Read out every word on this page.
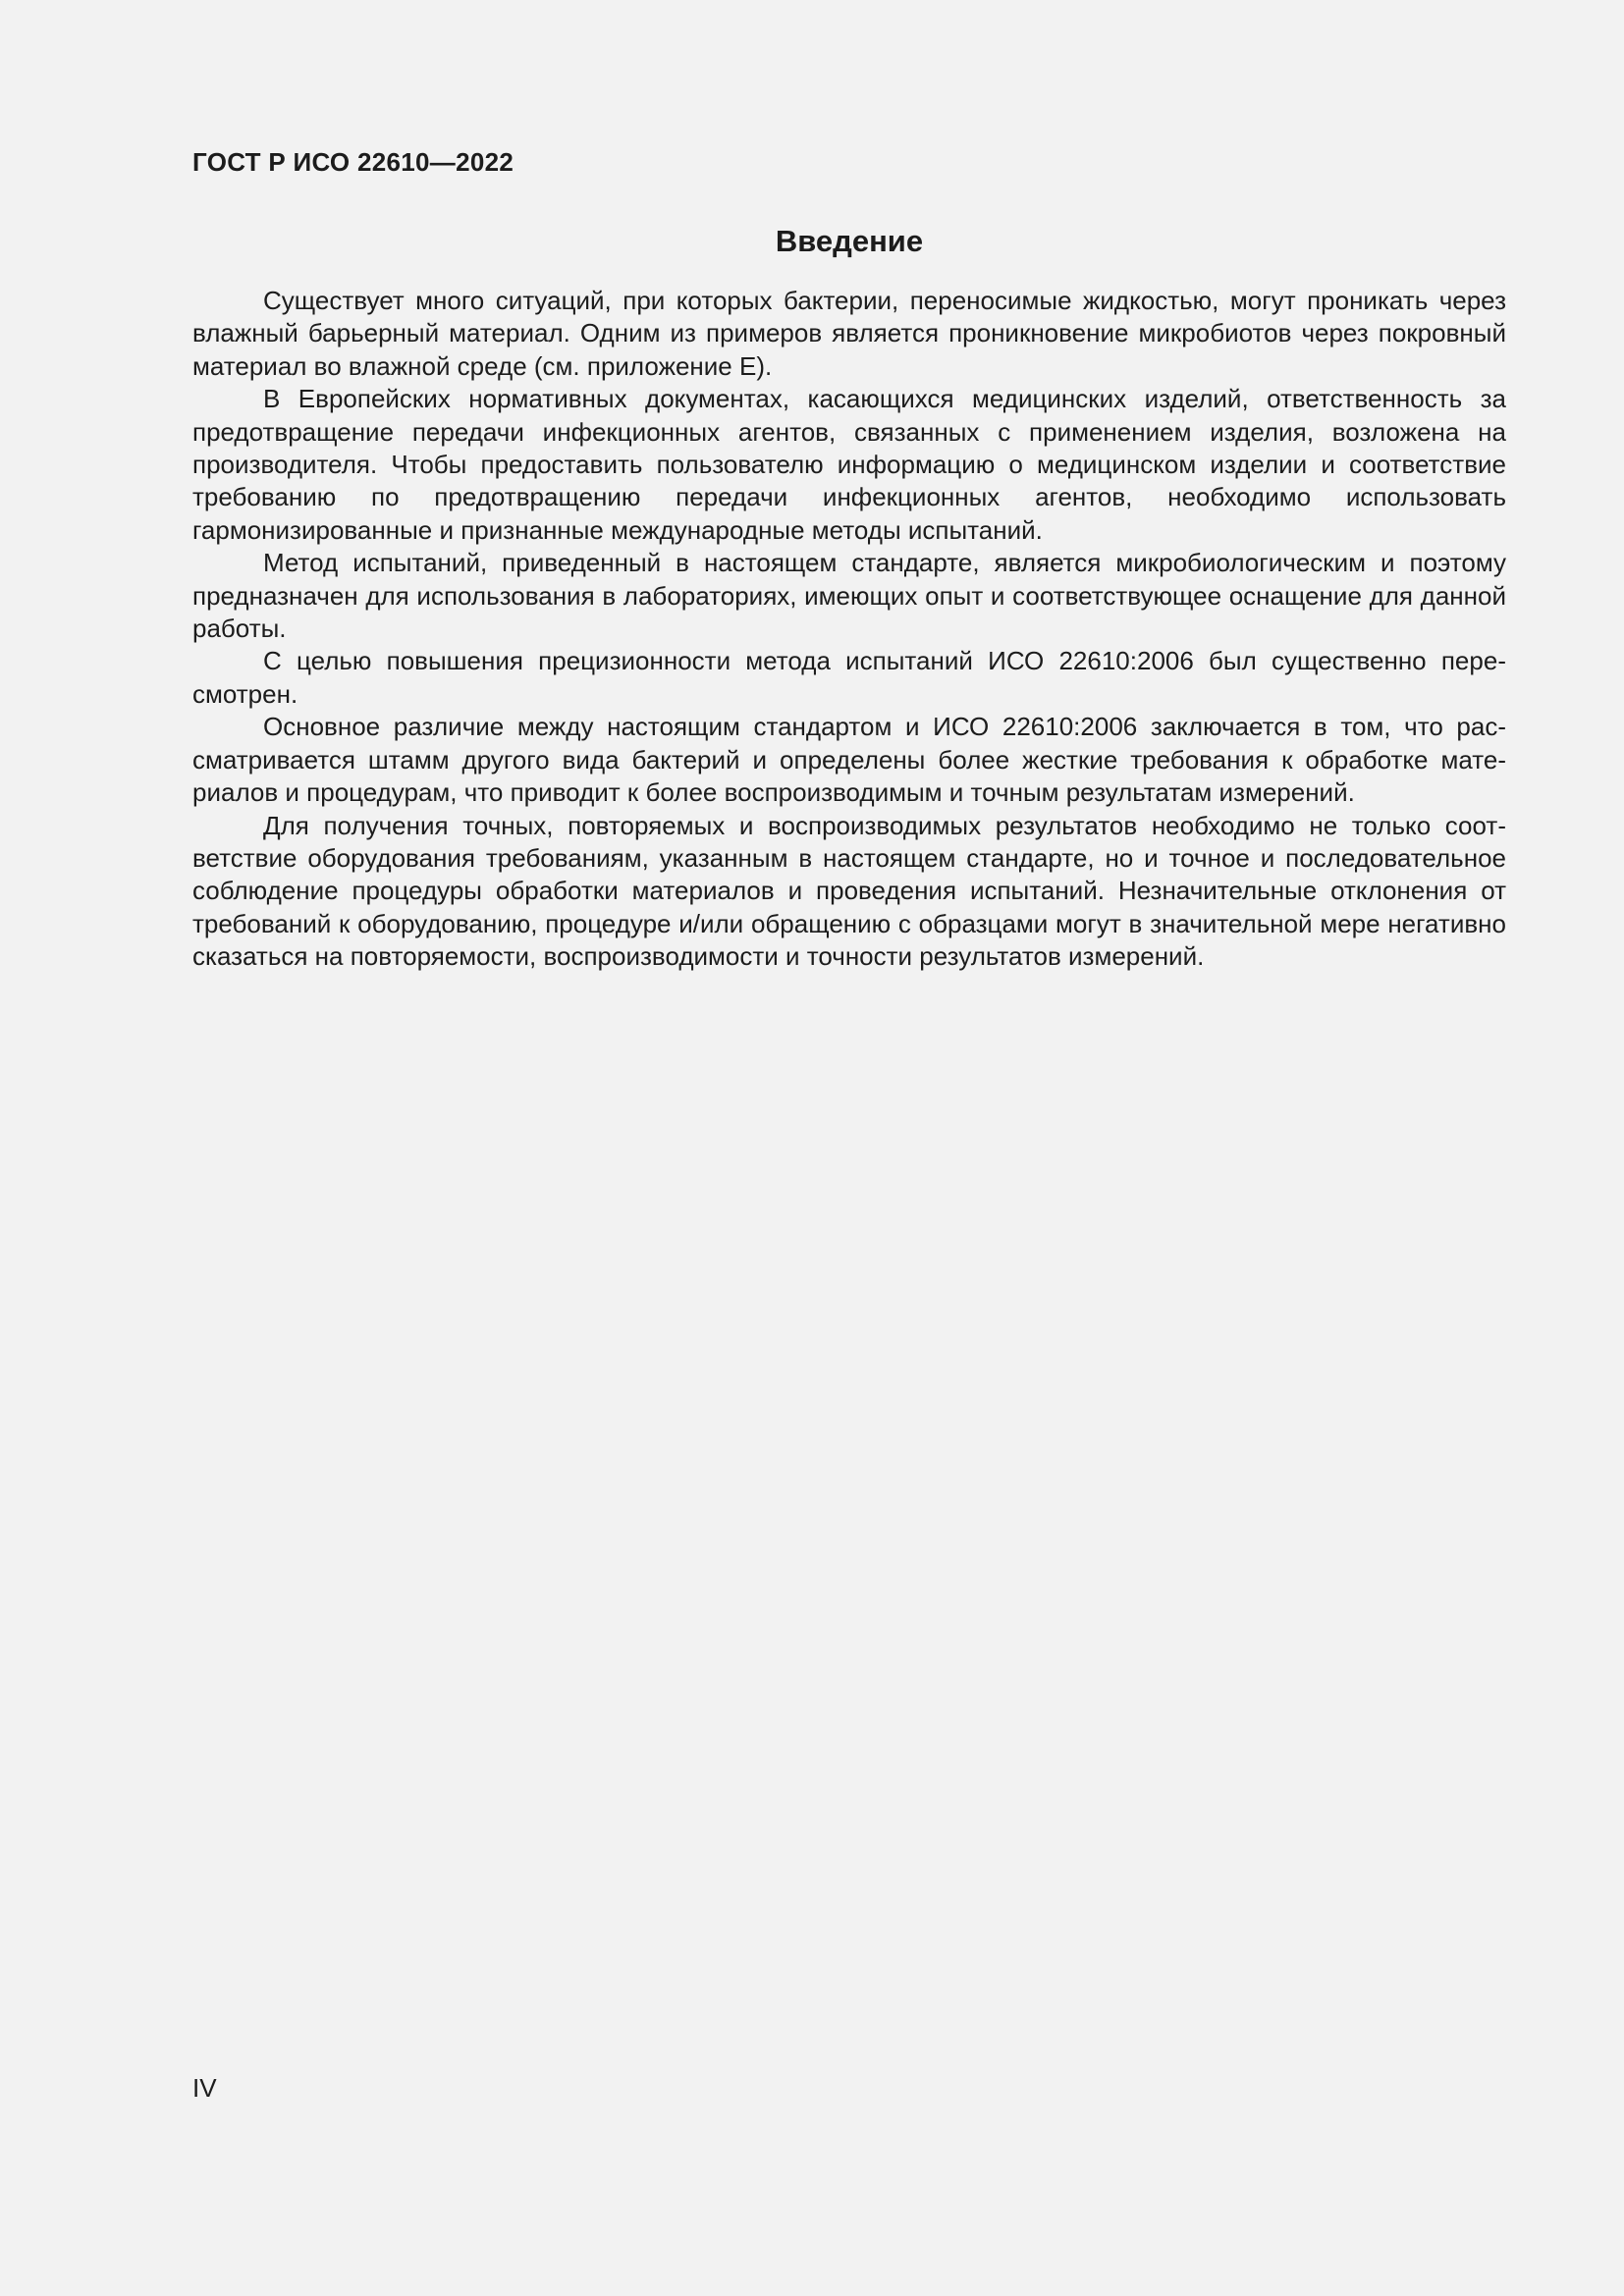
ГОСТ Р ИСО 22610—2022
Введение

Существует много ситуаций, при которых бактерии, переносимые жидкостью, могут проникать через влажный барьерный материал. Одним из примеров является проникновение микробиотов через покровный материал во влажной среде (см. приложение Е).

В Европейских нормативных документах, касающихся медицинских изделий, ответственность за предотвращение передачи инфекционных агентов, связанных с применением изделия, возложена на производителя. Чтобы предоставить пользователю информацию о медицинском изделии и соответствие требованию по предотвращению передачи инфекционных агентов, необходимо использовать гармонизированные и признанные международные методы испытаний.

Метод испытаний, приведенный в настоящем стандарте, является микробиологическим и поэтому предназначен для использования в лабораториях, имеющих опыт и соответствующее оснащение для данной работы.

С целью повышения прецизионности метода испытаний ИСО 22610:2006 был существенно пересмотрен.

Основное различие между настоящим стандартом и ИСО 22610:2006 заключается в том, что рассматривается штамм другого вида бактерий и определены более жесткие требования к обработке материалов и процедурам, что приводит к более воспроизводимым и точным результатам измерений.

Для получения точных, повторяемых и воспроизводимых результатов необходимо не только соответствие оборудования требованиям, указанным в настоящем стандарте, но и точное и последовательное соблюдение процедуры обработки материалов и проведения испытаний. Незначительные отклонения от требований к оборудованию, процедуре и/или обращению с образцами могут в значительной мере негативно сказаться на повторяемости, воспроизводимости и точности результатов измерений.

IV
